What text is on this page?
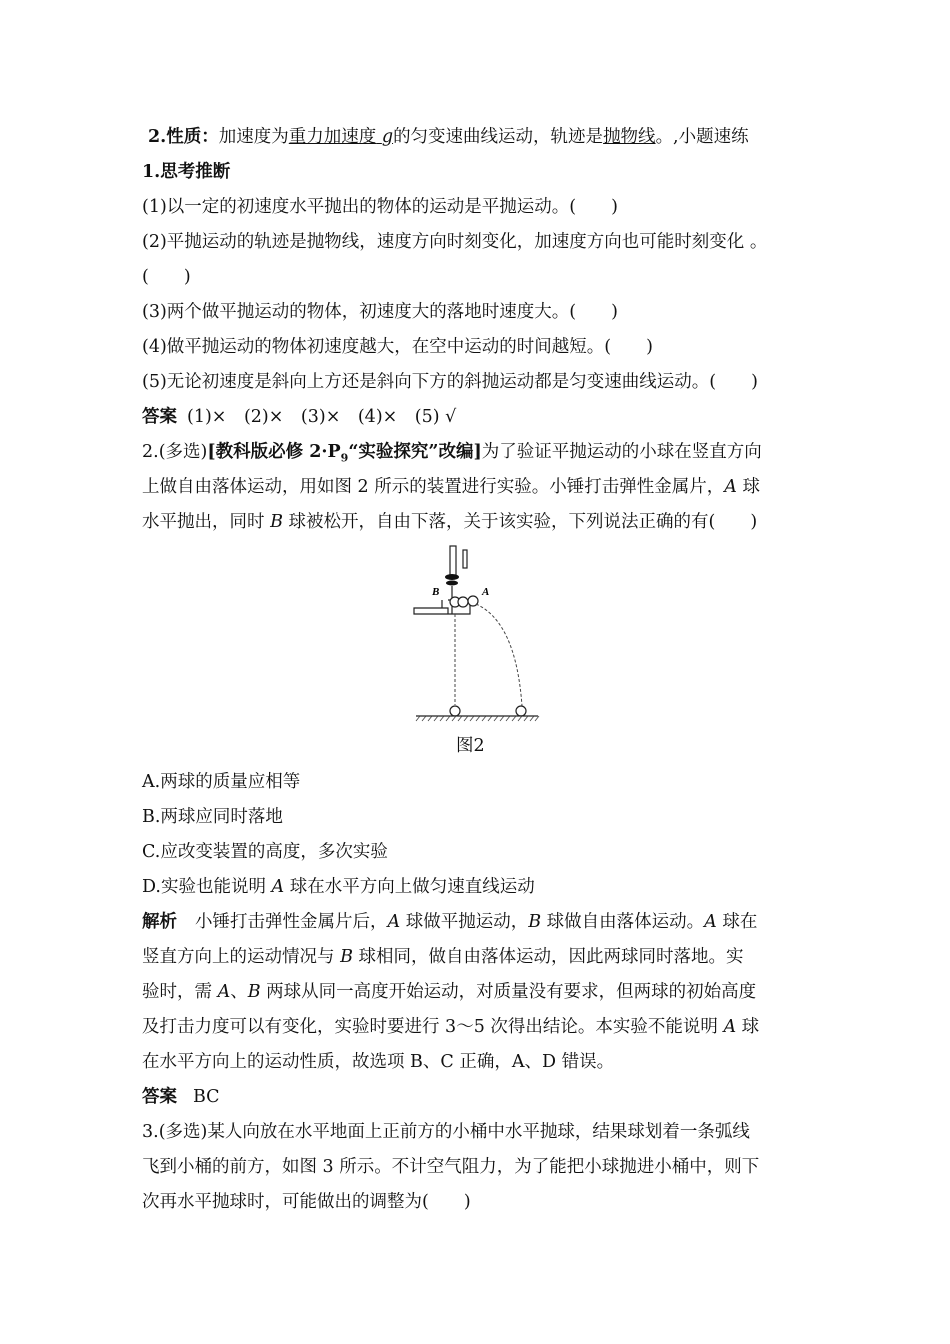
2.性质：加速度为重力加速度 g的匀变速曲线运动，轨迹是抛物线。,小题速练
1.思考推断
(1)以一定的初速度水平抛出的物体的运动是平抛运动。(　　)
(2)平抛运动的轨迹是抛物线，速度方向时刻变化，加速度方向也可能时刻变化 。
(　　)
(3)两个做平抛运动的物体，初速度大的落地时速度大。(　　)
(4)做平抛运动的物体初速度越大，在空中运动的时间越短。(　　)
(5)无论初速度是斜向上方还是斜向下方的斜抛运动都是匀变速曲线运动。(　　)
答案 (1)×　(2)×　(3)×　(4)×　(5) √
2.(多选)[教科版必修 $2\cdot P_9“$实验探究”改编]为了验证平抛运动的小球在竖直方向
上做自由落体运动，用如图 2 所示的装置进行实验。小锤打击弹性金属片，A 球
水平抛出，同时 B 球被松开，自由下落，关于该实验，下列说法正确的有(　　)
B	A
图2
A.两球的质量应相等
B.两球应同时落地
C.应改变装置的高度，多次实验
D.实验也能说明 A 球在水平方向上做匀速直线运动
解析 小锤打击弹性金属片后，A 球做平抛运动，B 球做自由落体运动。A 球在
竖直方向上的运动情况与 B 球相同，做自由落体运动，因此两球同时落地。实
验时，需 A、B 两球从同一高度开始运动，对质量没有要求，但两球的初始高度
及打击力度可以有变化，实验时要进行 3～5 次得出结论。本实验不能说明 A 球
在水平方向上的运动性质，故选项 B、C 正确，A、D 错误。
答案 BC
3.(多选)某人向放在水平地面上正前方的小桶中水平抛球，结果球划着一条弧线
飞到小桶的前方，如图 3 所示。不计空气阻力，为了能把小球抛进小桶中，则下
次再水平抛球时，可能做出的调整为(　　)
